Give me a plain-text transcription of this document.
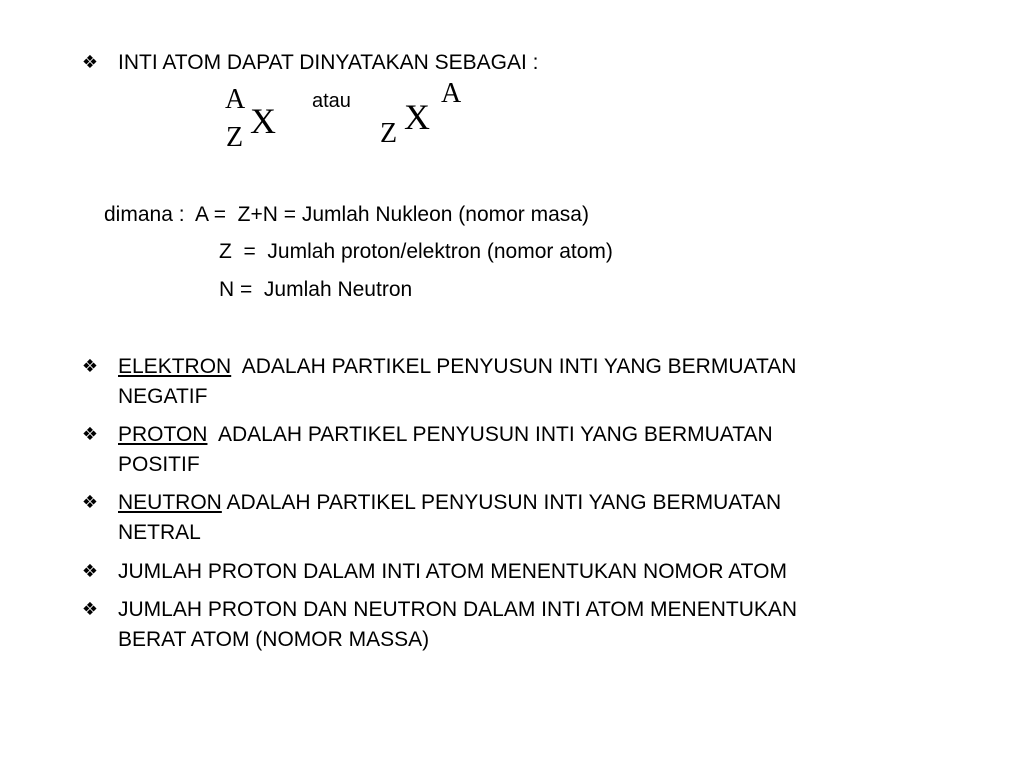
❖ INTI ATOM DAPAT DINYATAKAN SEBAGAI :
A
X
Z
atau
Z X
A
dimana :  A =  Z+N = Jumlah Nukleon (nomor masa)
Z  =  Jumlah proton/elektron (nomor atom)
N =  Jumlah Neutron
❖ ELEKTRON  ADALAH PARTIKEL PENYUSUN INTI YANG BERMUATAN
NEGATIF
❖ PROTON  ADALAH PARTIKEL PENYUSUN INTI YANG BERMUATAN
POSITIF
❖ NEUTRON ADALAH PARTIKEL PENYUSUN INTI YANG BERMUATAN
NETRAL
❖ JUMLAH PROTON DALAM INTI ATOM MENENTUKAN NOMOR ATOM
❖ JUMLAH PROTON DAN NEUTRON DALAM INTI ATOM MENENTUKAN
BERAT ATOM (NOMOR MASSA)
